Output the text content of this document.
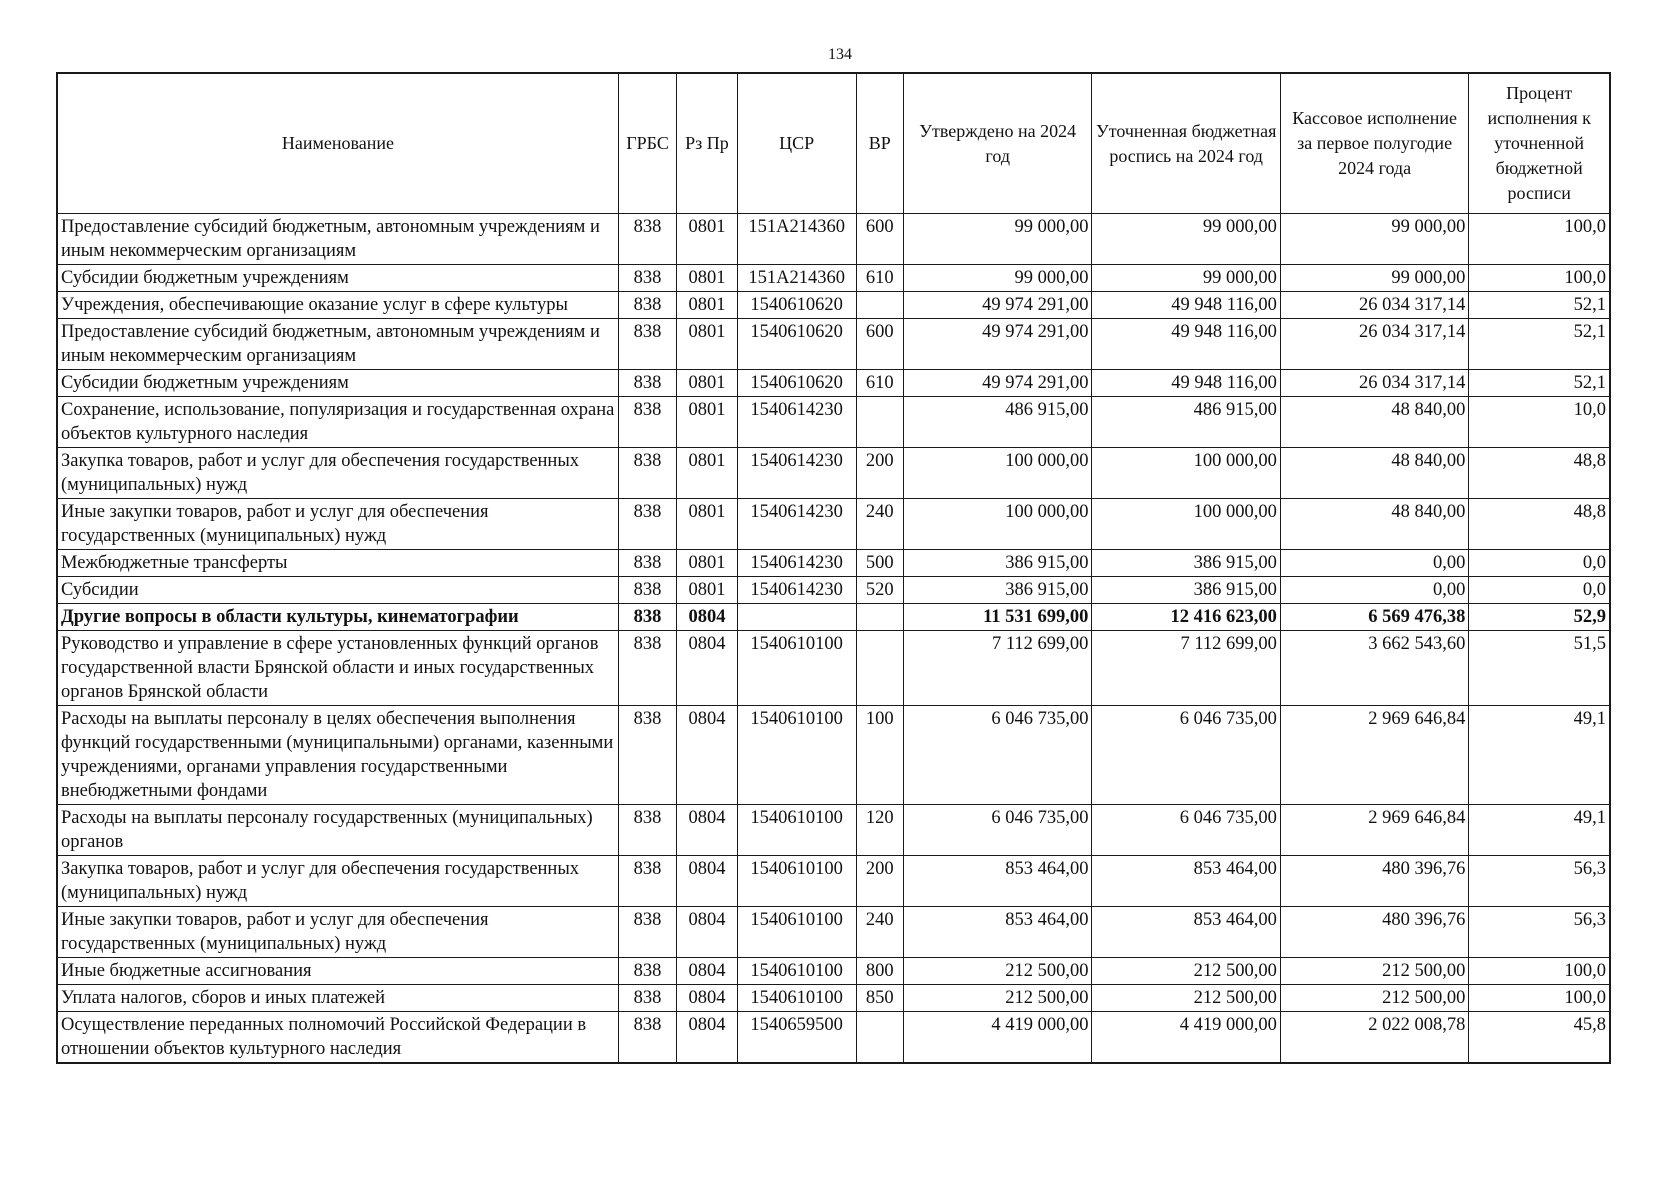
134
Наименование	ГРБС	Рз Пр	ЦСР	ВР	Утверждено на 2024 год	Уточненная бюджетная роспись на 2024 год	Кассовое исполнение за первое полугодие 2024 года	Процент исполнения к уточненной бюджетной росписи
Предоставление субсидий бюджетным, автономным учреждениям и иным некоммерческим организациям	838	0801	151А214360	600	99 000,00	99 000,00	99 000,00	100,0
Субсидии бюджетным учреждениям	838	0801	151А214360	610	99 000,00	99 000,00	99 000,00	100,0
Учреждения, обеспечивающие оказание услуг в сфере культуры	838	0801	1540610620		49 974 291,00	49 948 116,00	26 034 317,14	52,1
Предоставление субсидий бюджетным, автономным учреждениям и иным некоммерческим организациям	838	0801	1540610620	600	49 974 291,00	49 948 116,00	26 034 317,14	52,1
Субсидии бюджетным учреждениям	838	0801	1540610620	610	49 974 291,00	49 948 116,00	26 034 317,14	52,1
Сохранение, использование, популяризация и государственная охрана объектов культурного наследия	838	0801	1540614230		486 915,00	486 915,00	48 840,00	10,0
Закупка товаров, работ и услуг для обеспечения государственных (муниципальных) нужд	838	0801	1540614230	200	100 000,00	100 000,00	48 840,00	48,8
Иные закупки товаров, работ и услуг для обеспечения государственных (муниципальных) нужд	838	0801	1540614230	240	100 000,00	100 000,00	48 840,00	48,8
Межбюджетные трансферты	838	0801	1540614230	500	386 915,00	386 915,00	0,00	0,0
Субсидии	838	0801	1540614230	520	386 915,00	386 915,00	0,00	0,0
Другие вопросы в области культуры, кинематографии	838	0804			11 531 699,00	12 416 623,00	6 569 476,38	52,9
Руководство и управление в сфере установленных функций органов государственной власти Брянской области и иных государственных органов Брянской области	838	0804	1540610100		7 112 699,00	7 112 699,00	3 662 543,60	51,5
Расходы на выплаты персоналу в целях обеспечения выполнения функций государственными (муниципальными) органами, казенными учреждениями, органами управления государственными внебюджетными фондами	838	0804	1540610100	100	6 046 735,00	6 046 735,00	2 969 646,84	49,1
Расходы на выплаты персоналу государственных (муниципальных) органов	838	0804	1540610100	120	6 046 735,00	6 046 735,00	2 969 646,84	49,1
Закупка товаров, работ и услуг для обеспечения государственных (муниципальных) нужд	838	0804	1540610100	200	853 464,00	853 464,00	480 396,76	56,3
Иные закупки товаров, работ и услуг для обеспечения государственных (муниципальных) нужд	838	0804	1540610100	240	853 464,00	853 464,00	480 396,76	56,3
Иные бюджетные ассигнования	838	0804	1540610100	800	212 500,00	212 500,00	212 500,00	100,0
Уплата налогов, сборов и иных платежей	838	0804	1540610100	850	212 500,00	212 500,00	212 500,00	100,0
Осуществление переданных полномочий Российской Федерации в отношении объектов культурного наследия	838	0804	1540659500		4 419 000,00	4 419 000,00	2 022 008,78	45,8
